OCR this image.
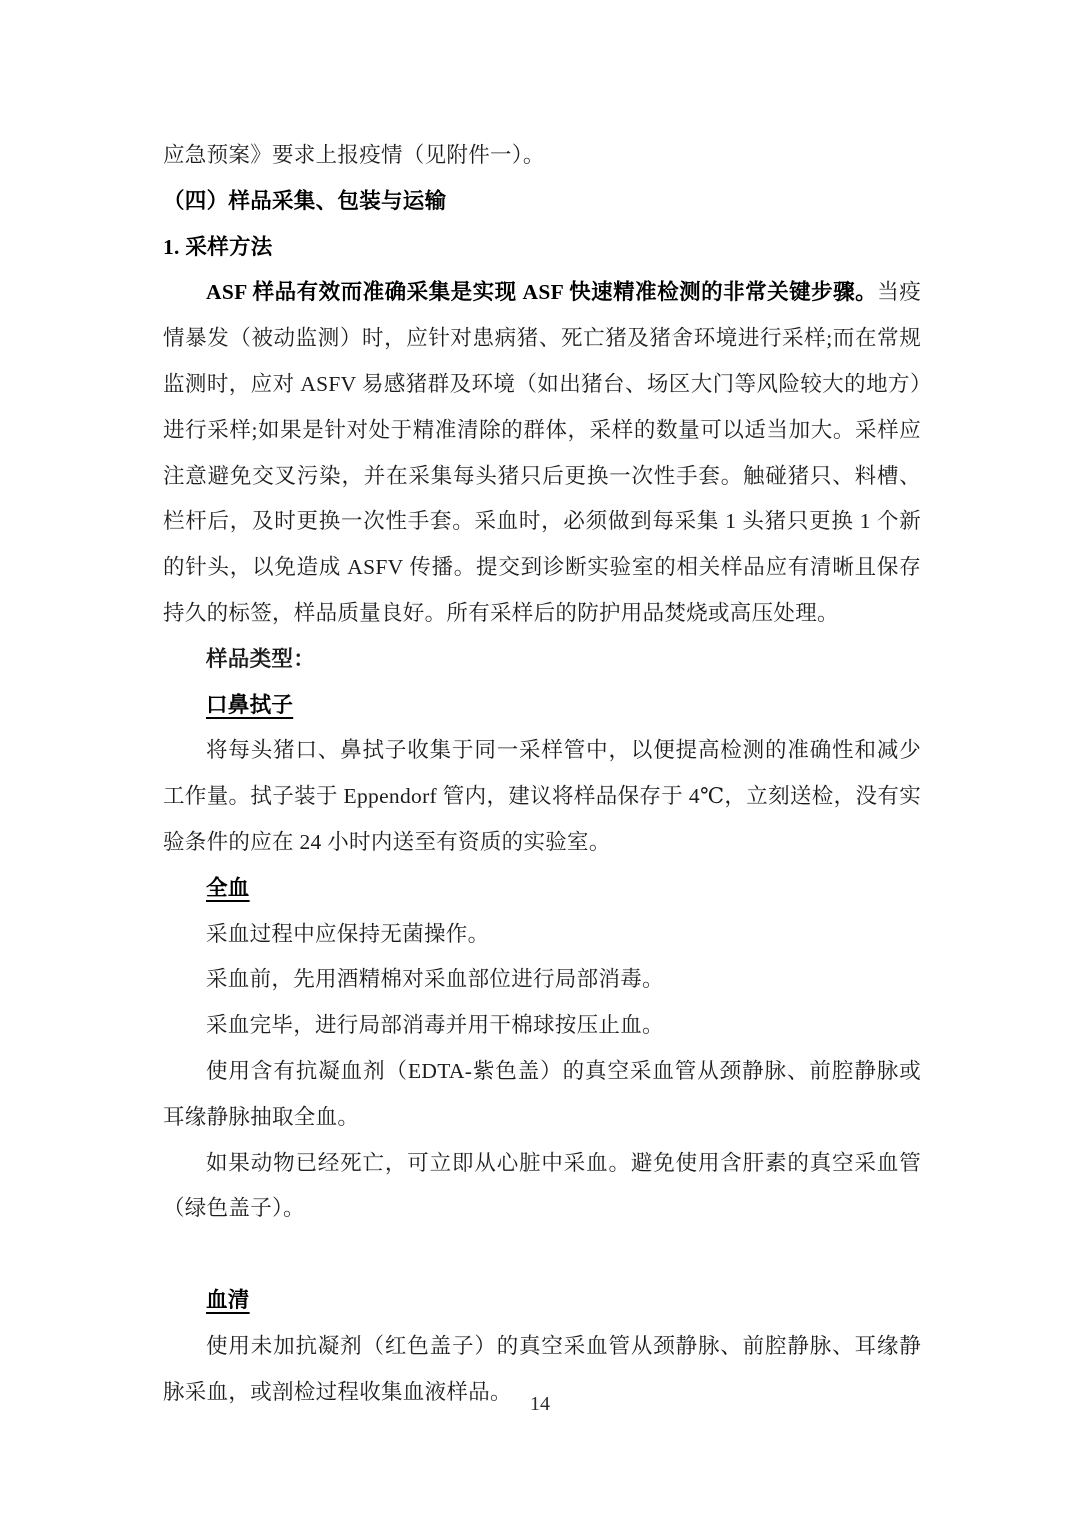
应急预案》要求上报疫情（见附件一）。

（四）样品采集、包装与运输

1. 采样方法

ASF 样品有效而准确采集是实现 ASF 快速精准检测的非常关键步骤。当疫情暴发（被动监测）时，应针对患病猪、死亡猪及猪舍环境进行采样;而在常规监测时，应对 ASFV 易感猪群及环境（如出猪台、场区大门等风险较大的地方）进行采样;如果是针对处于精准清除的群体，采样的数量可以适当加大。采样应注意避免交叉污染，并在采集每头猪只后更换一次性手套。触碰猪只、料槽、栏杆后，及时更换一次性手套。采血时，必须做到每采集 1 头猪只更换 1 个新的针头，以免造成 ASFV 传播。提交到诊断实验室的相关样品应有清晰且保存持久的标签，样品质量良好。所有采样后的防护用品焚烧或高压处理。

样品类型：

口鼻拭子

将每头猪口、鼻拭子收集于同一采样管中，以便提高检测的准确性和减少工作量。拭子装于 Eppendorf 管内，建议将样品保存于 4℃，立刻送检，没有实验条件的应在 24 小时内送至有资质的实验室。

全血

采血过程中应保持无菌操作。

采血前，先用酒精棉对采血部位进行局部消毒。

采血完毕，进行局部消毒并用干棉球按压止血。

使用含有抗凝血剂（EDTA-紫色盖）的真空采血管从颈静脉、前腔静脉或耳缘静脉抽取全血。

如果动物已经死亡，可立即从心脏中采血。避免使用含肝素的真空采血管（绿色盖子）。

血清

使用未加抗凝剂（红色盖子）的真空采血管从颈静脉、前腔静脉、耳缘静脉采血，或剖检过程收集血液样品。

14
